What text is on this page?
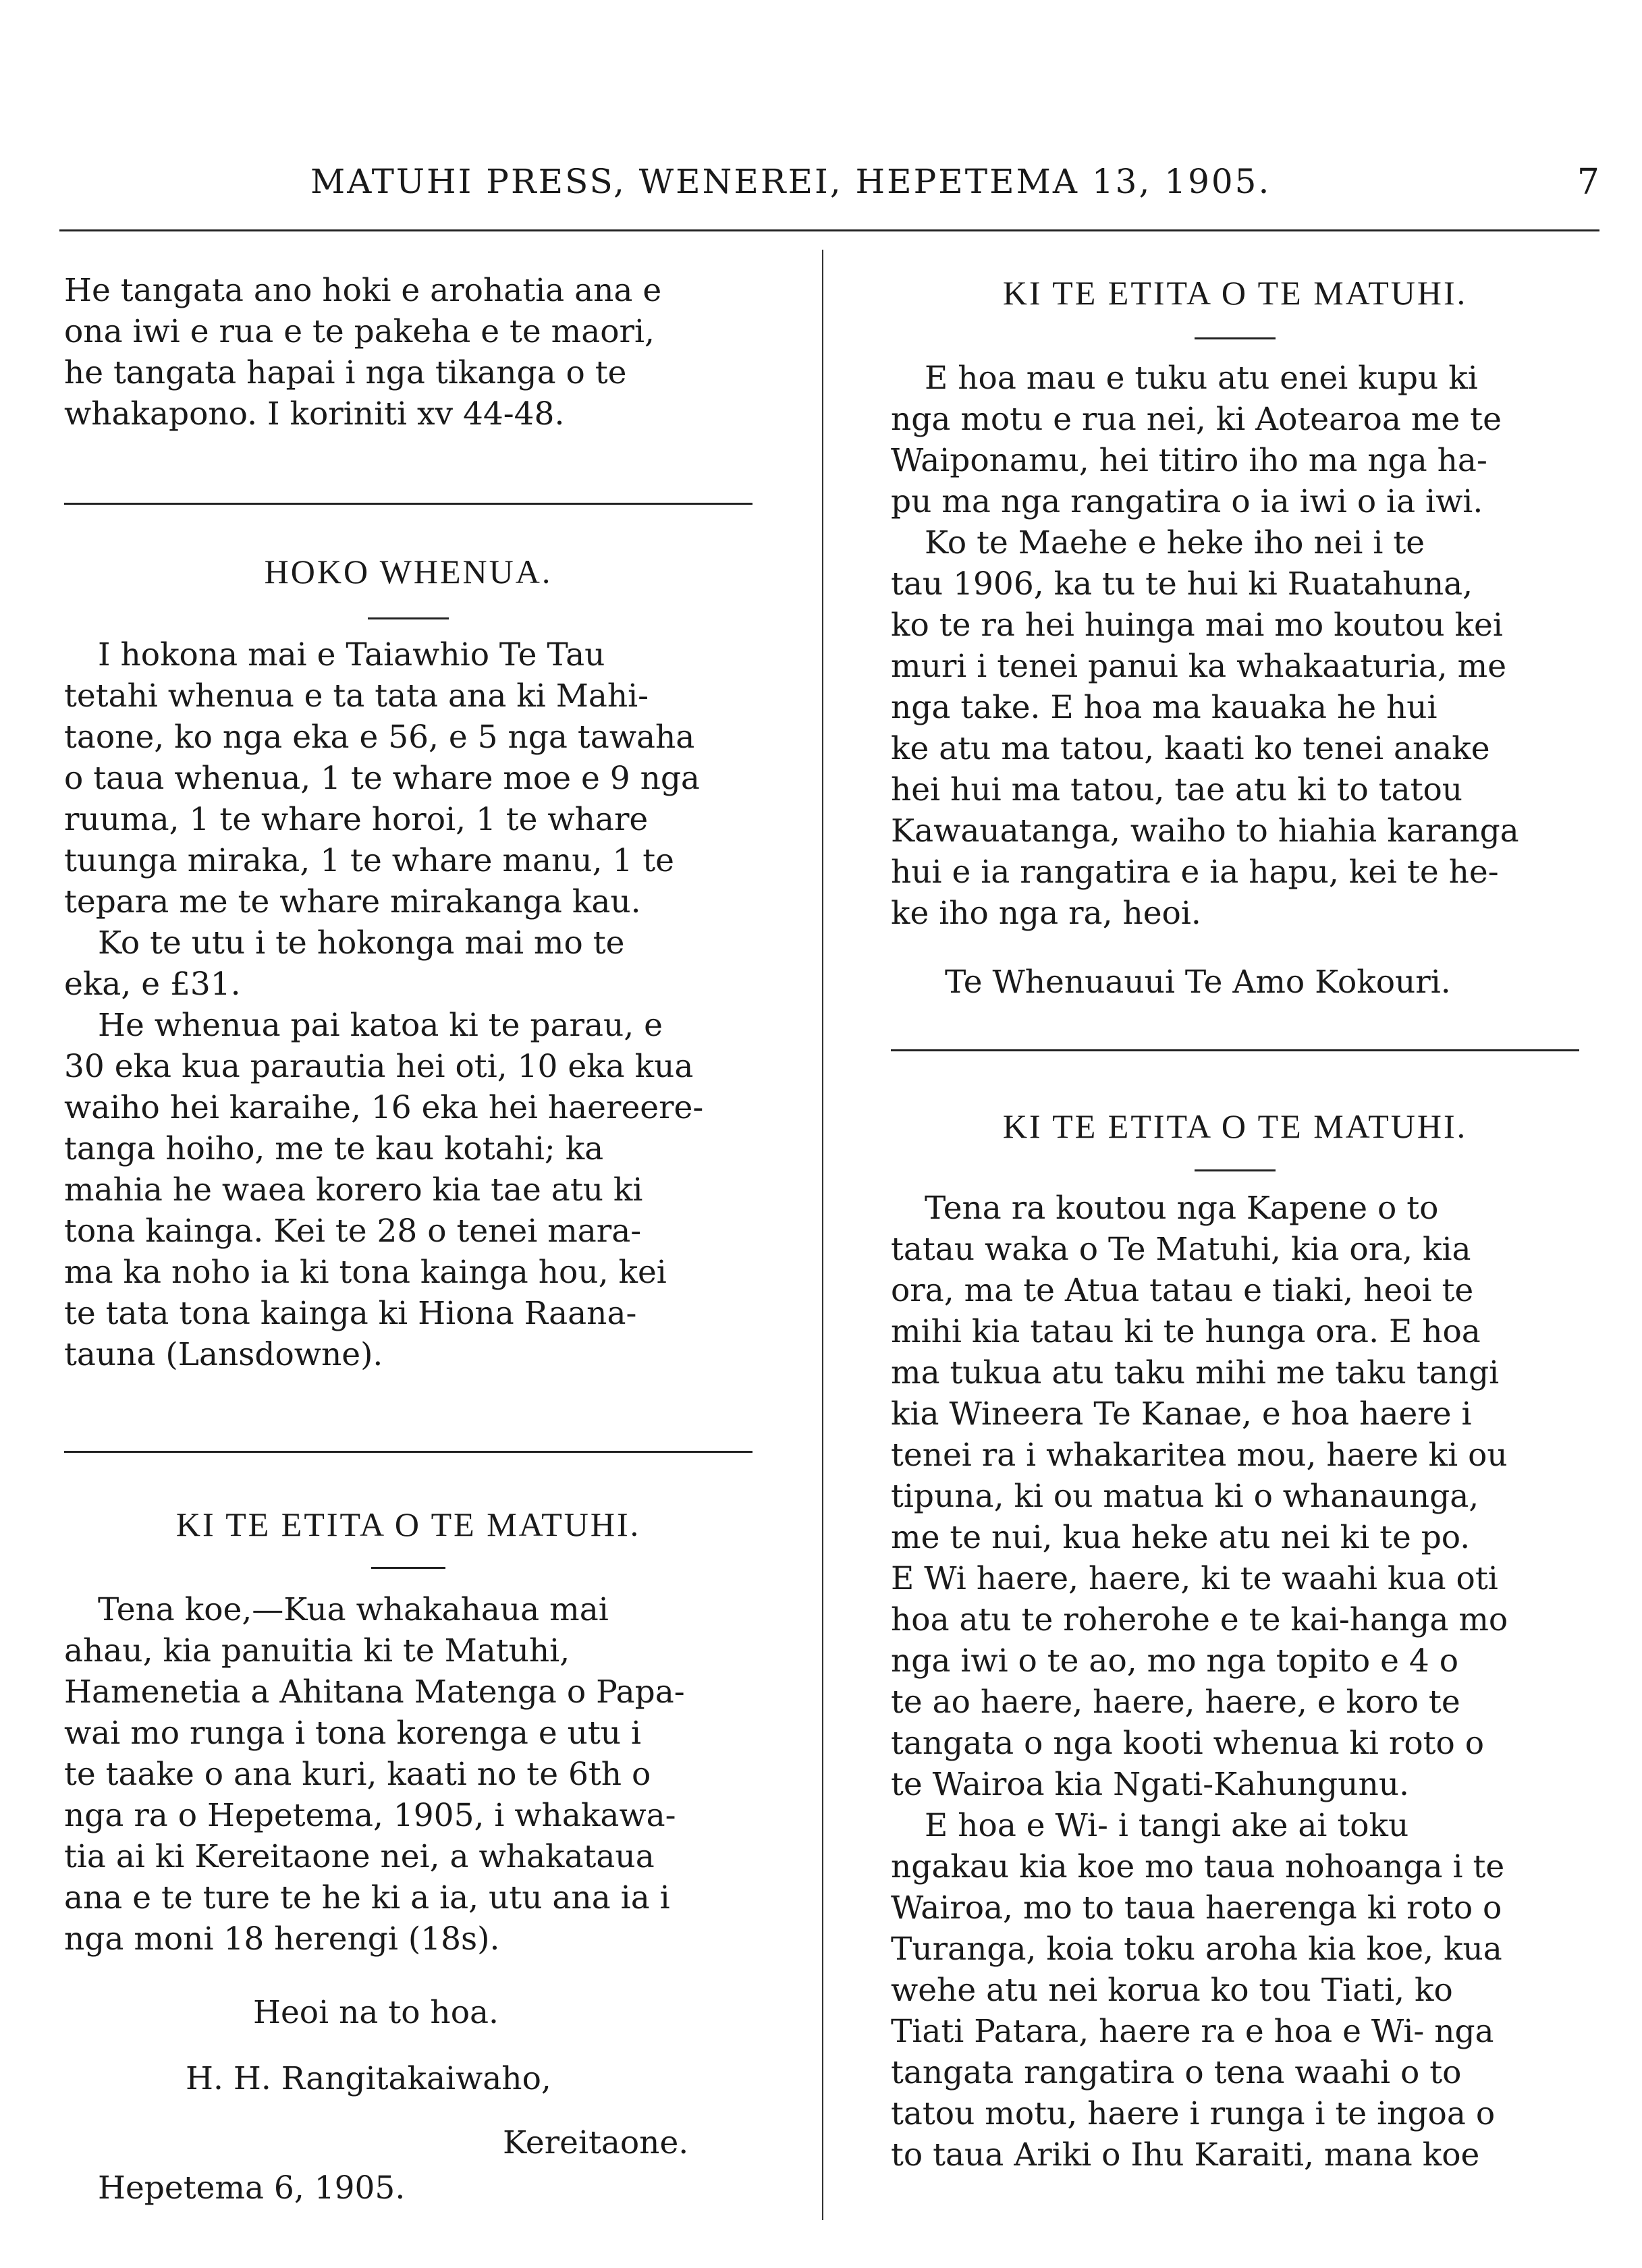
MATUHI PRESS, WENEREI, HEPETEMA 13, 1905.	7

He tangata ano hoki e arohatia ana e
ona iwi e rua e te pakeha e te maori,
he tangata hapai i nga tikanga o te
whakapono. I koriniti xv 44-48.

HOKO WHENUA.

I hokona mai e Taiawhio Te Tau
tetahi whenua e ta tata ana ki Mahi-
taone, ko nga eka e 56, e 5 nga tawaha
o taua whenua, 1 te whare moe e 9 nga
ruuma, 1 te whare horoi, 1 te whare
tuunga miraka, 1 te whare manu, 1 te
tepara me te whare mirakanga kau.

Ko te utu i te hokonga mai mo te
eka, e £31.

He whenua pai katoa ki te parau, e
30 eka kua parautia hei oti, 10 eka kua
waiho hei karaihe, 16 eka hei haereere-
tanga hoiho, me te kau kotahi; ka
mahia he waea korero kia tae atu ki
tona kainga. Kei te 28 o tenei mara-
ma ka noho ia ki tona kainga hou, kei
te tata tona kainga ki Hiona Raana-
tauna (Lansdowne).

KI TE ETITA O TE MATUHI.

Tena koe,—Kua whakahaua mai
ahau, kia panuitia ki te Matuhi,
Hamenetia a Ahitana Matenga o Papa-
wai mo runga i tona korenga e utu i
te taake o ana kuri, kaati no te 6th o
nga ra o Hepetema, 1905, i whakawa-
tia ai ki Kereitaone nei, a whakataua
ana e te ture te he ki a ia, utu ana ia i
nga moni 18 herengi (18s).

Heoi na to hoa.
H. H. Rangitakaiwaho,
Kereitaone.
Hepetema 6, 1905.
KI TE ETITA O TE MATUHI.

E hoa mau e tuku atu enei kupu ki
nga motu e rua nei, ki Aotearoa me te
Waiponamu, hei titiro iho ma nga ha-
pu ma nga rangatira o ia iwi o ia iwi.

Ko te Maehe e heke iho nei i te
tau 1906, ka tu te hui ki Ruatahuna,
ko te ra hei huinga mai mo koutou kei
muri i tenei panui ka whakaaturia, me
nga take. E hoa ma kauaka he hui
ke atu ma tatou, kaati ko tenei anake
hei hui ma tatou, tae atu ki to tatou
Kawauatanga, waiho to hiahia karanga
hui e ia rangatira e ia hapu, kei te he-
ke iho nga ra, heoi.

Te Whenuauui Te Amo Kokouri.
KI TE ETITA O TE MATUHI.

Tena ra koutou nga Kapene o to
tatau waka o Te Matuhi, kia ora, kia
ora, ma te Atua tatau e tiaki, heoi te
mihi kia tatau ki te hunga ora. E hoa
ma tukua atu taku mihi me taku tangi
kia Wineera Te Kanae, e hoa haere i
tenei ra i whakaritea mou, haere ki ou
tipuna, ki ou matua ki o whanaunga,
me te nui, kua heke atu nei ki te po.
E Wi haere, haere, ki te waahi kua oti
hoa atu te roherohe e te kai-hanga mo
nga iwi o te ao, mo nga topito e 4 o
te ao haere, haere, haere, e koro te
tangata o nga kooti whenua ki roto o
te Wairoa kia Ngati-Kahungunu.

E hoa e Wi- i tangi ake ai toku
ngakau kia koe mo taua nohoanga i te
Wairoa, mo to taua haerenga ki roto o
Turanga, koia toku aroha kia koe, kua
wehe atu nei korua ko tou Tiati, ko
Tiati Patara, haere ra e hoa e Wi- nga
tangata rangatira o tena waahi o to
tatou motu, haere i runga i te ingoa o
to taua Ariki o Ihu Karaiti, mana koe
